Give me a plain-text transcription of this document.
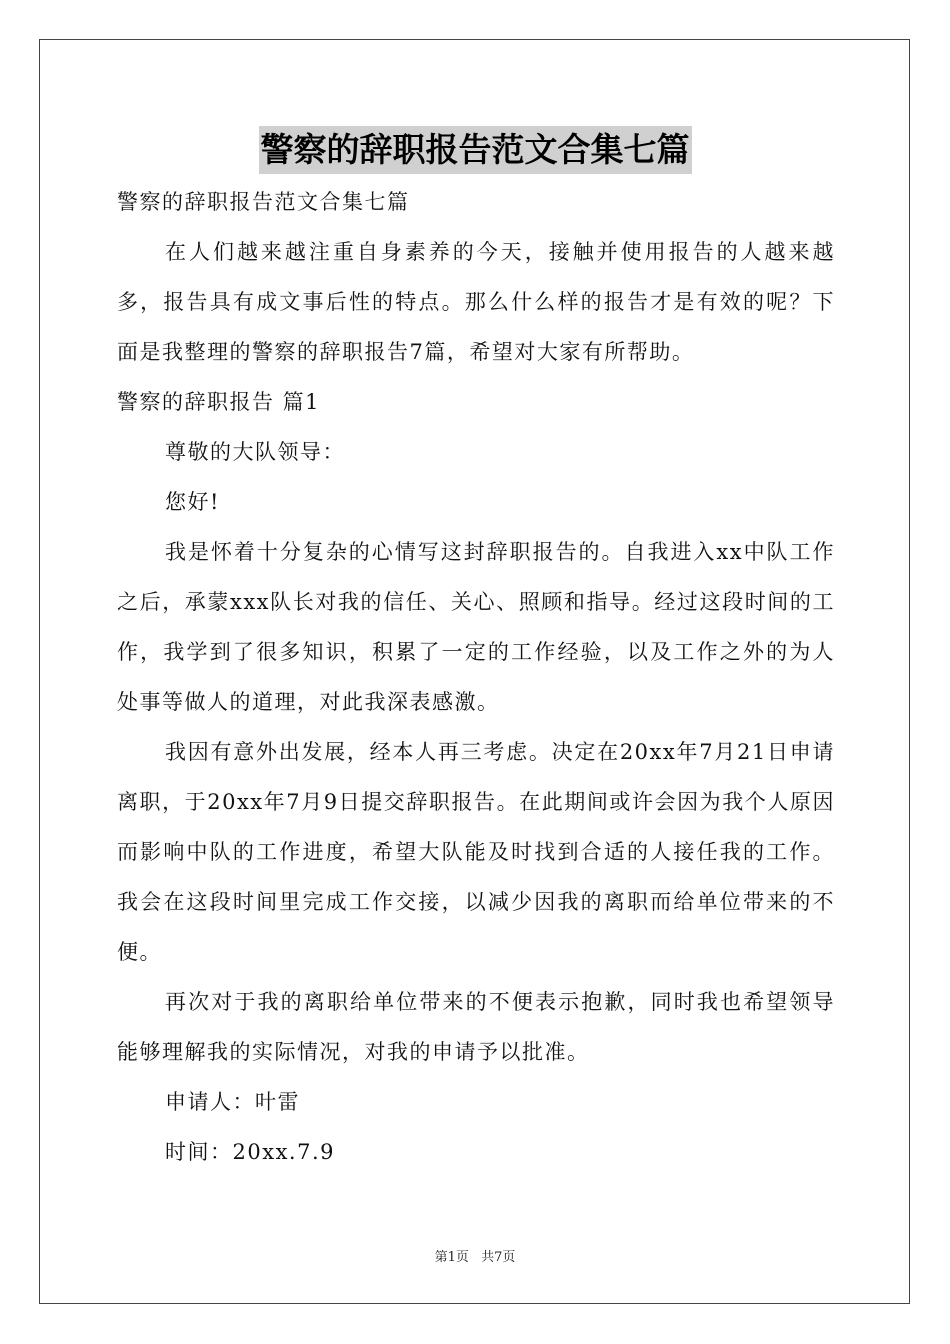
警察的辞职报告范文合集七篇

警察的辞职报告范文合集七篇

在人们越来越注重自身素养的今天，接触并使用报告的人越来越多，报告具有成文事后性的特点。那么什么样的报告才是有效的呢？下面是我整理的警察的辞职报告7篇，希望对大家有所帮助。

警察的辞职报告 篇1

尊敬的大队领导：

您好!

我是怀着十分复杂的心情写这封辞职报告的。自我进入xx中队工作之后，承蒙xxx队长对我的信任、关心、照顾和指导。经过这段时间的工作，我学到了很多知识，积累了一定的工作经验，以及工作之外的为人处事等做人的道理，对此我深表感激。

我因有意外出发展，经本人再三考虑。决定在20xx年7月21日申请离职，于20xx年7月9日提交辞职报告。在此期间或许会因为我个人原因而影响中队的工作进度，希望大队能及时找到合适的人接任我的工作。我会在这段时间里完成工作交接，以减少因我的离职而给单位带来的不便。

再次对于我的离职给单位带来的不便表示抱歉，同时我也希望领导能够理解我的实际情况，对我的申请予以批准。

申请人：叶雷

时间：20xx.7.9

第1页 共7页
